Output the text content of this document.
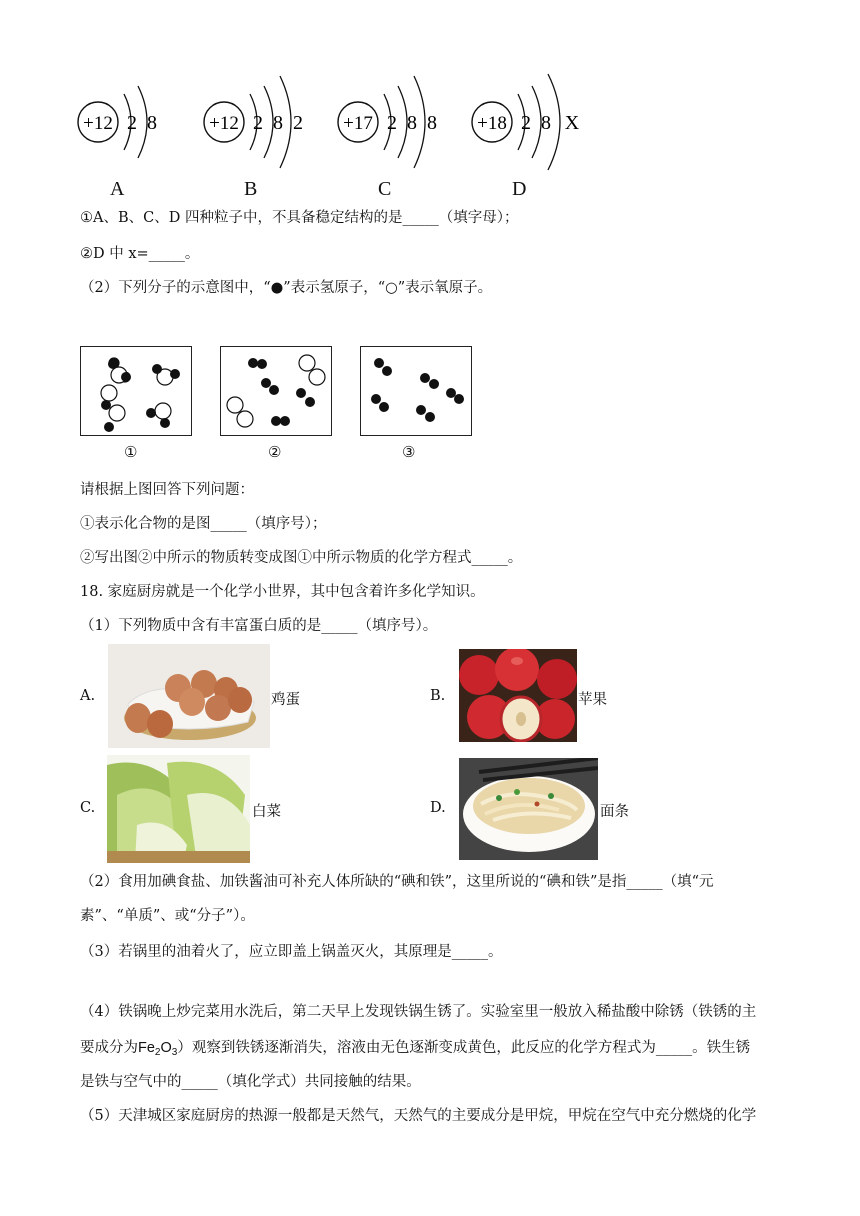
+12 2 8	+12 2 8 2 +17 2 8 8 +18 2 8 X
A	B	C	D
①A、B、C、D 四种粒子中，不具备稳定结构的是_____（填字母）；
②D 中 x=_____。
（2）下列分子的示意图中，“●”表示氢原子，“○”表示氧原子。
①	②	③
请根据上图回答下列问题：
①表示化合物的是图_____（填序号）；
②写出图②中所示的物质转变成图①中所示物质的化学方程式_____。
18. 家庭厨房就是一个化学小世界，其中包含着许多化学知识。
（1）下列物质中含有丰富蛋白质的是_____（填序号）。
A.	鸡蛋	B.	苹果
C.	白菜	D.	面条
（2）食用加碘食盐、加铁酱油可补充人体所缺的“碘和铁”，这里所说的“碘和铁”是指_____（填“元
素”、“单质”、或“分子”）。
（3）若锅里的油着火了，应立即盖上锅盖灭火，其原理是_____。
（4）铁锅晚上炒完菜用水洗后，第二天早上发现铁锅生锈了。实验室里一般放入稀盐酸中除锈（铁锈的主
要成分为$Fe_2O_3$）观察到铁锈逐渐消失，溶液由无色逐渐变成黄色，此反应的化学方程式为_____。铁生锈
是铁与空气中的_____（填化学式）共同接触的结果。
（5）天津城区家庭厨房的热源一般都是天然气，天然气的主要成分是甲烷，甲烷在空气中充分燃烧的化学
